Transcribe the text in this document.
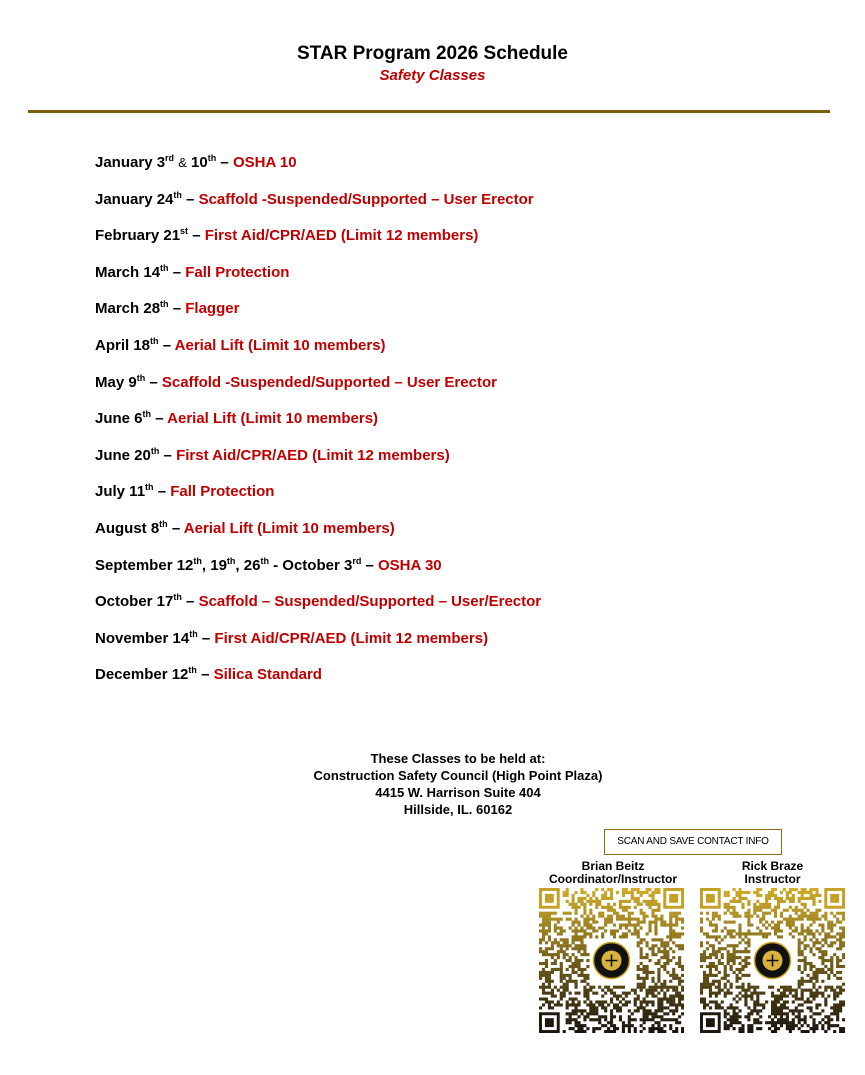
STAR Program 2026 Schedule
Safety Classes
January 3rd & 10th – OSHA 10
January 24th – Scaffold -Suspended/Supported – User Erector
February 21st – First Aid/CPR/AED (Limit 12 members)
March 14th – Fall Protection
March 28th – Flagger
April 18th – Aerial Lift (Limit 10 members)
May 9th – Scaffold -Suspended/Supported – User Erector
June 6th – Aerial Lift (Limit 10 members)
June 20th – First Aid/CPR/AED (Limit 12 members)
July 11th – Fall Protection
August 8th – Aerial Lift (Limit 10 members)
September 12th, 19th, 26th - October 3rd – OSHA 30
October 17th – Scaffold – Suspended/Supported – User/Erector
November 14th – First Aid/CPR/AED (Limit 12 members)
December 12th – Silica Standard
These Classes to be held at:
Construction Safety Council (High Point Plaza)
4415 W. Harrison Suite 404
Hillside, IL. 60162
SCAN AND SAVE CONTACT INFO
Brian Beitz
Coordinator/Instructor
Rick Braze
Instructor
